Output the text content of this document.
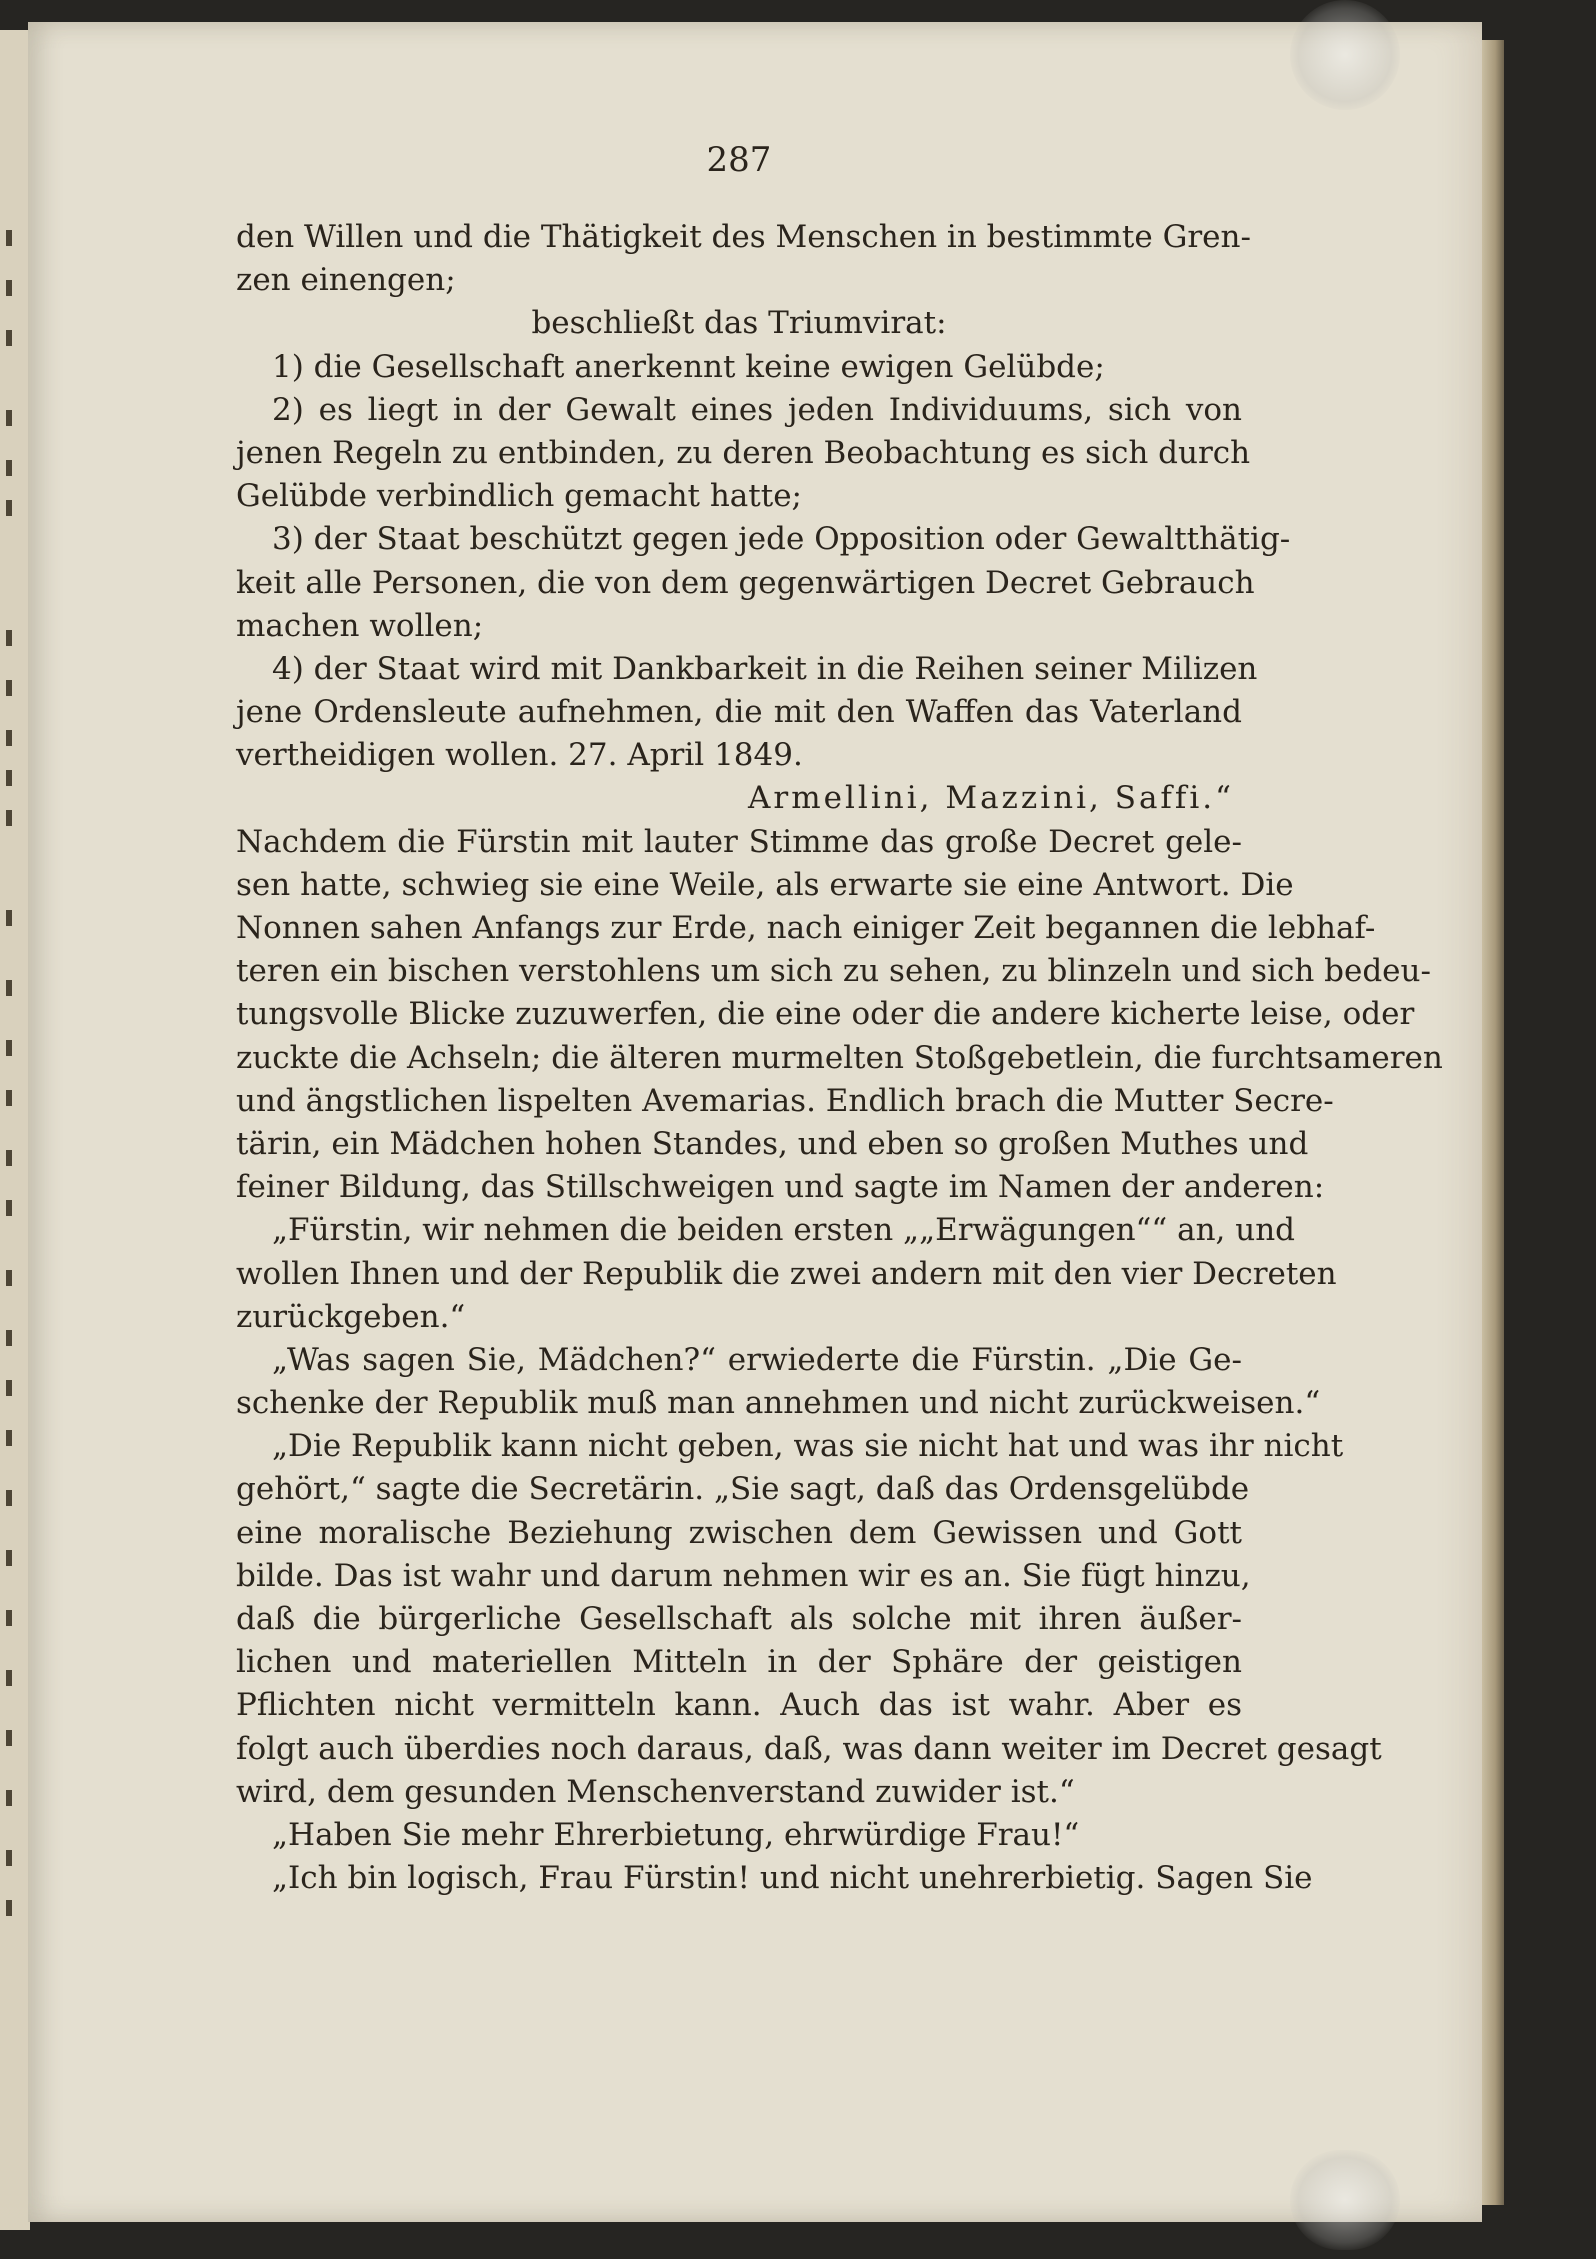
287
den Willen und die Thätigkeit des Menschen in bestimmte Gren-
zen einengen;
beschließt das Triumvirat:
1) die Gesellschaft anerkennt keine ewigen Gelübde;
2) es liegt in der Gewalt eines jeden Individuums, sich von
jenen Regeln zu entbinden, zu deren Beobachtung es sich durch
Gelübde verbindlich gemacht hatte;
3) der Staat beschützt gegen jede Opposition oder Gewaltthätig-
keit alle Personen, die von dem gegenwärtigen Decret Gebrauch
machen wollen;
4) der Staat wird mit Dankbarkeit in die Reihen seiner Milizen
jene Ordensleute aufnehmen, die mit den Waffen das Vaterland
vertheidigen wollen. 27. April 1849.
Armellini, Mazzini, Saffi.“
Nachdem die Fürstin mit lauter Stimme das große Decret gele-
sen hatte, schwieg sie eine Weile, als erwarte sie eine Antwort. Die
Nonnen sahen Anfangs zur Erde, nach einiger Zeit begannen die lebhaf-
teren ein bischen verstohlens um sich zu sehen, zu blinzeln und sich bedeu-
tungsvolle Blicke zuzuwerfen, die eine oder die andere kicherte leise, oder
zuckte die Achseln; die älteren murmelten Stoßgebetlein, die furchtsameren
und ängstlichen lispelten Avemarias. Endlich brach die Mutter Secre-
tärin, ein Mädchen hohen Standes, und eben so großen Muthes und
feiner Bildung, das Stillschweigen und sagte im Namen der anderen:
„Fürstin, wir nehmen die beiden ersten „„Erwägungen““ an, und
wollen Ihnen und der Republik die zwei andern mit den vier Decreten
zurückgeben.“
„Was sagen Sie, Mädchen?“ erwiederte die Fürstin. „Die Ge-
schenke der Republik muß man annehmen und nicht zurückweisen.“
„Die Republik kann nicht geben, was sie nicht hat und was ihr nicht
gehört,“ sagte die Secretärin. „Sie sagt, daß das Ordensgelübde
eine moralische Beziehung zwischen dem Gewissen und Gott
bilde. Das ist wahr und darum nehmen wir es an. Sie fügt hinzu,
daß die bürgerliche Gesellschaft als solche mit ihren äußer-
lichen und materiellen Mitteln in der Sphäre der geistigen
Pflichten nicht vermitteln kann. Auch das ist wahr. Aber es
folgt auch überdies noch daraus, daß, was dann weiter im Decret gesagt
wird, dem gesunden Menschenverstand zuwider ist.“
„Haben Sie mehr Ehrerbietung, ehrwürdige Frau!“
„Ich bin logisch, Frau Fürstin! und nicht unehrerbietig. Sagen Sie
